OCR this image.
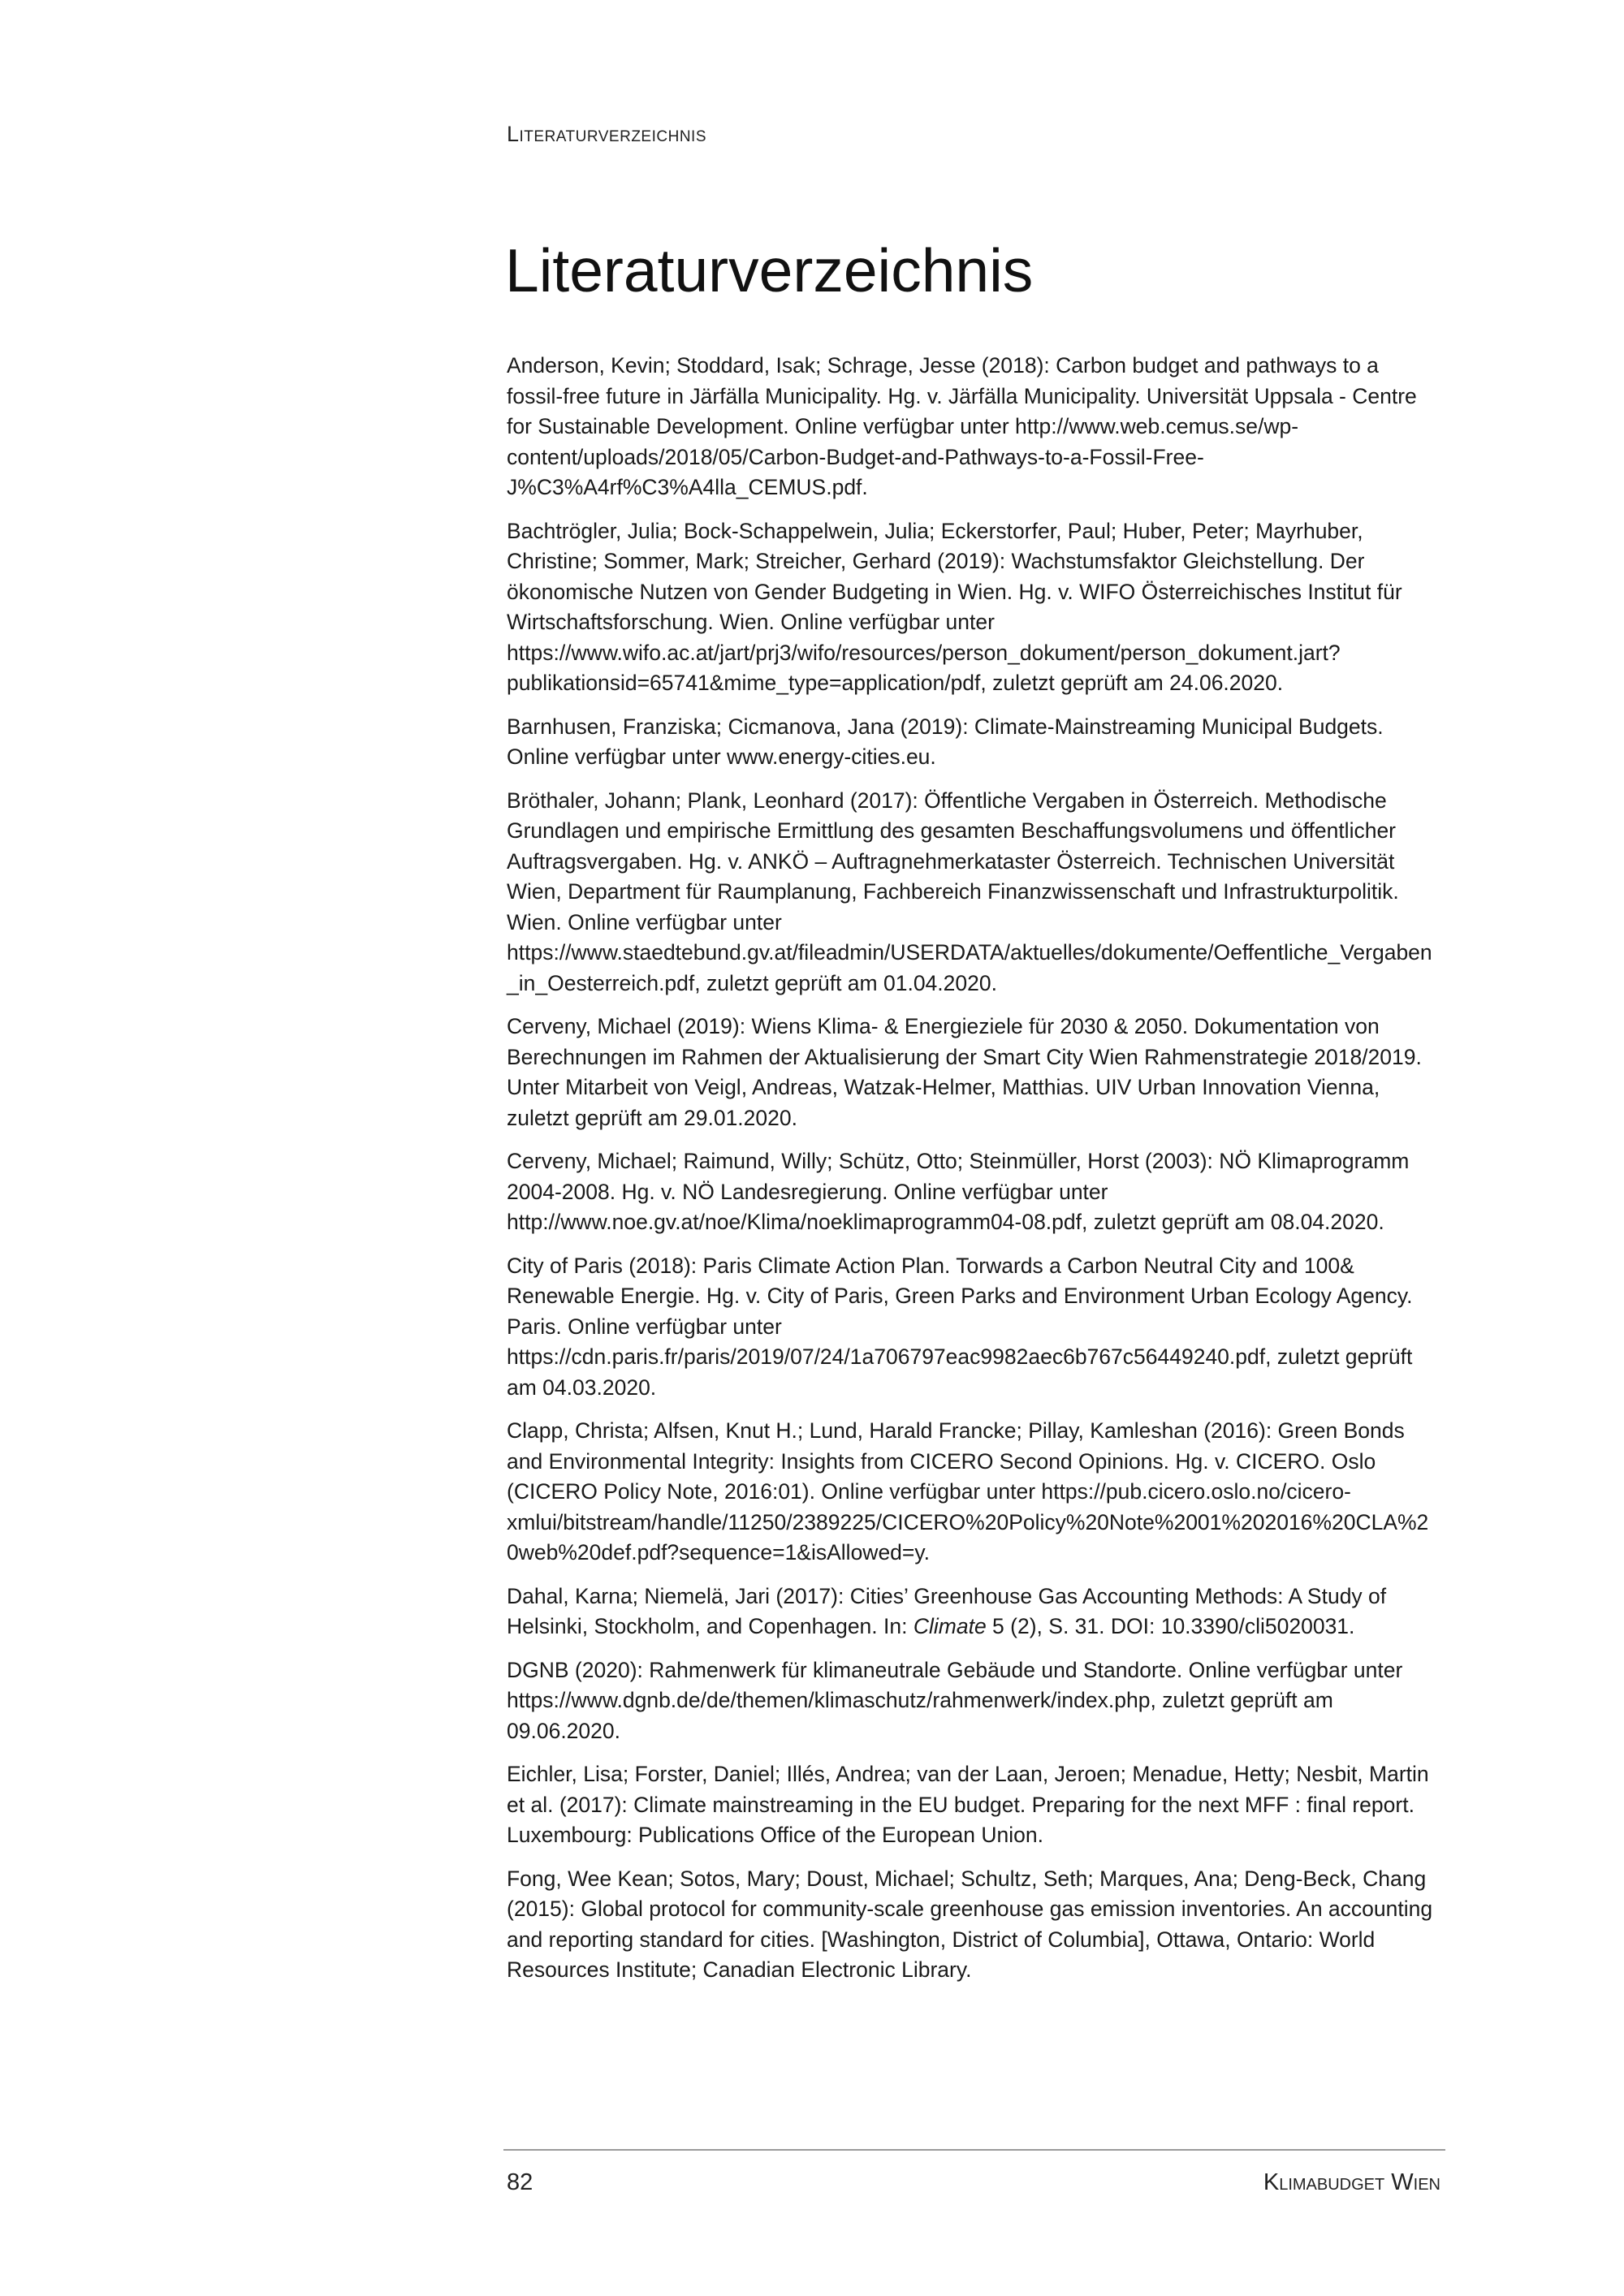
Literaturverzeichnis
Literaturverzeichnis
Anderson, Kevin; Stoddard, Isak; Schrage, Jesse (2018): Carbon budget and pathways to a fossil-free future in Järfälla Municipality. Hg. v. Järfälla Municipality. Universität Uppsala - Centre for Sustainable Development. Online verfügbar unter http://www.web.cemus.se/wp-content/uploads/2018/05/Carbon-Budget-and-Pathways-to-a-Fossil-Free-J%C3%A4rf%C3%A4lla_CEMUS.pdf.
Bachtrögler, Julia; Bock-Schappelwein, Julia; Eckerstorfer, Paul; Huber, Peter; Mayrhuber, Christine; Sommer, Mark; Streicher, Gerhard (2019): Wachstumsfaktor Gleichstellung. Der ökonomische Nutzen von Gender Budgeting in Wien. Hg. v. WIFO Österreichisches Institut für Wirtschaftsforschung. Wien. Online verfügbar unter https://www.wifo.ac.at/jart/prj3/wifo/resources/person_dokument/person_dokument.jart?publikationsid=65741&mime_type=application/pdf, zuletzt geprüft am 24.06.2020.
Barnhusen, Franziska; Cicmanova, Jana (2019): Climate-Mainstreaming Municipal Budgets. Online verfügbar unter www.energy-cities.eu.
Bröthaler, Johann; Plank, Leonhard (2017): Öffentliche Vergaben in Österreich. Methodische Grundlagen und empirische Ermittlung des gesamten Beschaffungsvolumens und öffentlicher Auftragsvergaben. Hg. v. ANKÖ – Auftragnehmerkataster Österreich. Technischen Universität Wien, Department für Raumplanung, Fachbereich Finanzwissenschaft und Infrastrukturpolitik. Wien. Online verfügbar unter https://www.staedtebund.gv.at/fileadmin/USERDATA/aktuelles/dokumente/Oeffentliche_Vergaben_in_Oesterreich.pdf, zuletzt geprüft am 01.04.2020.
Cerveny, Michael (2019): Wiens Klima- & Energieziele für 2030 & 2050. Dokumentation von Berechnungen im Rahmen der Aktualisierung der Smart City Wien Rahmenstrategie 2018/2019. Unter Mitarbeit von Veigl, Andreas, Watzak-Helmer, Matthias. UIV Urban Innovation Vienna, zuletzt geprüft am 29.01.2020.
Cerveny, Michael; Raimund, Willy; Schütz, Otto; Steinmüller, Horst (2003): NÖ Klimaprogramm 2004-2008. Hg. v. NÖ Landesregierung. Online verfügbar unter http://www.noe.gv.at/noe/Klima/noeklimaprogramm04-08.pdf, zuletzt geprüft am 08.04.2020.
City of Paris (2018): Paris Climate Action Plan. Torwards a Carbon Neutral City and 100& Renewable Energie. Hg. v. City of Paris, Green Parks and Environment Urban Ecology Agency. Paris. Online verfügbar unter https://cdn.paris.fr/paris/2019/07/24/1a706797eac9982aec6b767c56449240.pdf, zuletzt geprüft am 04.03.2020.
Clapp, Christa; Alfsen, Knut H.; Lund, Harald Francke; Pillay, Kamleshan (2016): Green Bonds and Environmental Integrity: Insights from CICERO Second Opinions. Hg. v. CICERO. Oslo (CICERO Policy Note, 2016:01). Online verfügbar unter https://pub.cicero.oslo.no/cicero-xmlui/bitstream/handle/11250/2389225/CICERO%20Policy%20Note%2001%202016%20CLA%20web%20def.pdf?sequence=1&isAllowed=y.
Dahal, Karna; Niemelä, Jari (2017): Cities’ Greenhouse Gas Accounting Methods: A Study of Helsinki, Stockholm, and Copenhagen. In: Climate 5 (2), S. 31. DOI: 10.3390/cli5020031.
DGNB (2020): Rahmenwerk für klimaneutrale Gebäude und Standorte. Online verfügbar unter https://www.dgnb.de/de/themen/klimaschutz/rahmenwerk/index.php, zuletzt geprüft am 09.06.2020.
Eichler, Lisa; Forster, Daniel; Illés, Andrea; van der Laan, Jeroen; Menadue, Hetty; Nesbit, Martin et al. (2017): Climate mainstreaming in the EU budget. Preparing for the next MFF : final report. Luxembourg: Publications Office of the European Union.
Fong, Wee Kean; Sotos, Mary; Doust, Michael; Schultz, Seth; Marques, Ana; Deng-Beck, Chang (2015): Global protocol for community-scale greenhouse gas emission inventories. An accounting and reporting standard for cities. [Washington, District of Columbia], Ottawa, Ontario: World Resources Institute; Canadian Electronic Library.
82	Klimabudget Wien
